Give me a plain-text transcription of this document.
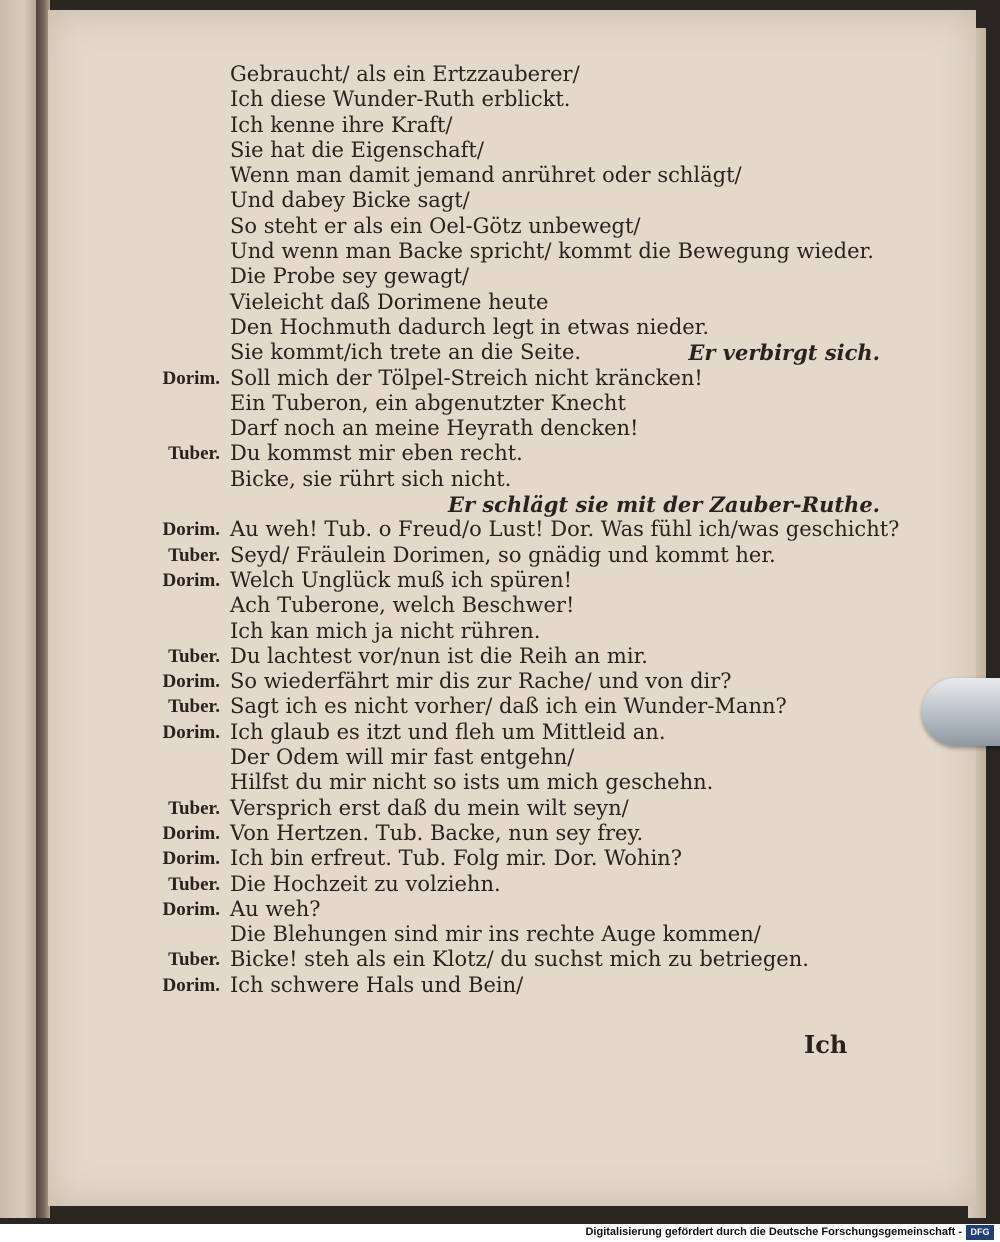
Gebraucht/ als ein Ertzzauberer/
Ich diese Wunder-Ruth erblickt.
Ich kenne ihre Kraft/
Sie hat die Eigenschaft/
Wenn man damit jemand anrühret oder schlägt/
Und dabey Bicke sagt/
So steht er als ein Oel-Götz unbewegt/
Und wenn man Backe spricht/ kommt die Bewegung wieder.
Die Probe sey gewagt/
Vieleicht daß Dorimene heute
Den Hochmuth dadurch legt in etwas nieder.
Sie kommt/ich trete an die Seite.	Er verbirgt sich.
Dorim. Soll mich der Tölpel-Streich nicht kräncken!
Ein Tuberon, ein abgenutzter Knecht
Darf noch an meine Heyrath dencken!
Tuber. Du kommst mir eben recht.
Bicke, sie rührt sich nicht.
Er schlägt sie mit der Zauber-Ruthe.
Dorim. Au weh! Tub. o Freud/o Lust! Dor. Was fühl ich/was geschicht?
Tuber. Seyd/ Fräulein Dorimen, so gnädig und kommt her.
Dorim. Welch Unglück muß ich spüren!
Ach Tuberone, welch Beschwer!
Ich kan mich ja nicht rühren.
Tuber. Du lachtest vor/nun ist die Reih an mir.
Dorim. So wiederfährt mir dis zur Rache/ und von dir?
Tuber. Sagt ich es nicht vorher/ daß ich ein Wunder-Mann?
Dorim. Ich glaub es itzt und fleh um Mittleid an.
Der Odem will mir fast entgehn/
Hilfst du mir nicht so ists um mich geschehn.
Tuber. Versprich erst daß du mein wilt seyn/
Dorim. Von Hertzen. Tub. Backe, nun sey frey.
Dorim. Ich bin erfreut. Tub. Folg mir. Dor. Wohin?
Tuber. Die Hochzeit zu volziehn.
Dorim. Au weh?
Die Blehungen sind mir ins rechte Auge kommen/
Tuber. Bicke! steh als ein Klotz/ du suchst mich zu betriegen.
Dorim. Ich schwere Hals und Bein/
Ich
Digitalisierung gefördert durch die Deutsche Forschungsgemeinschaft - DFG
